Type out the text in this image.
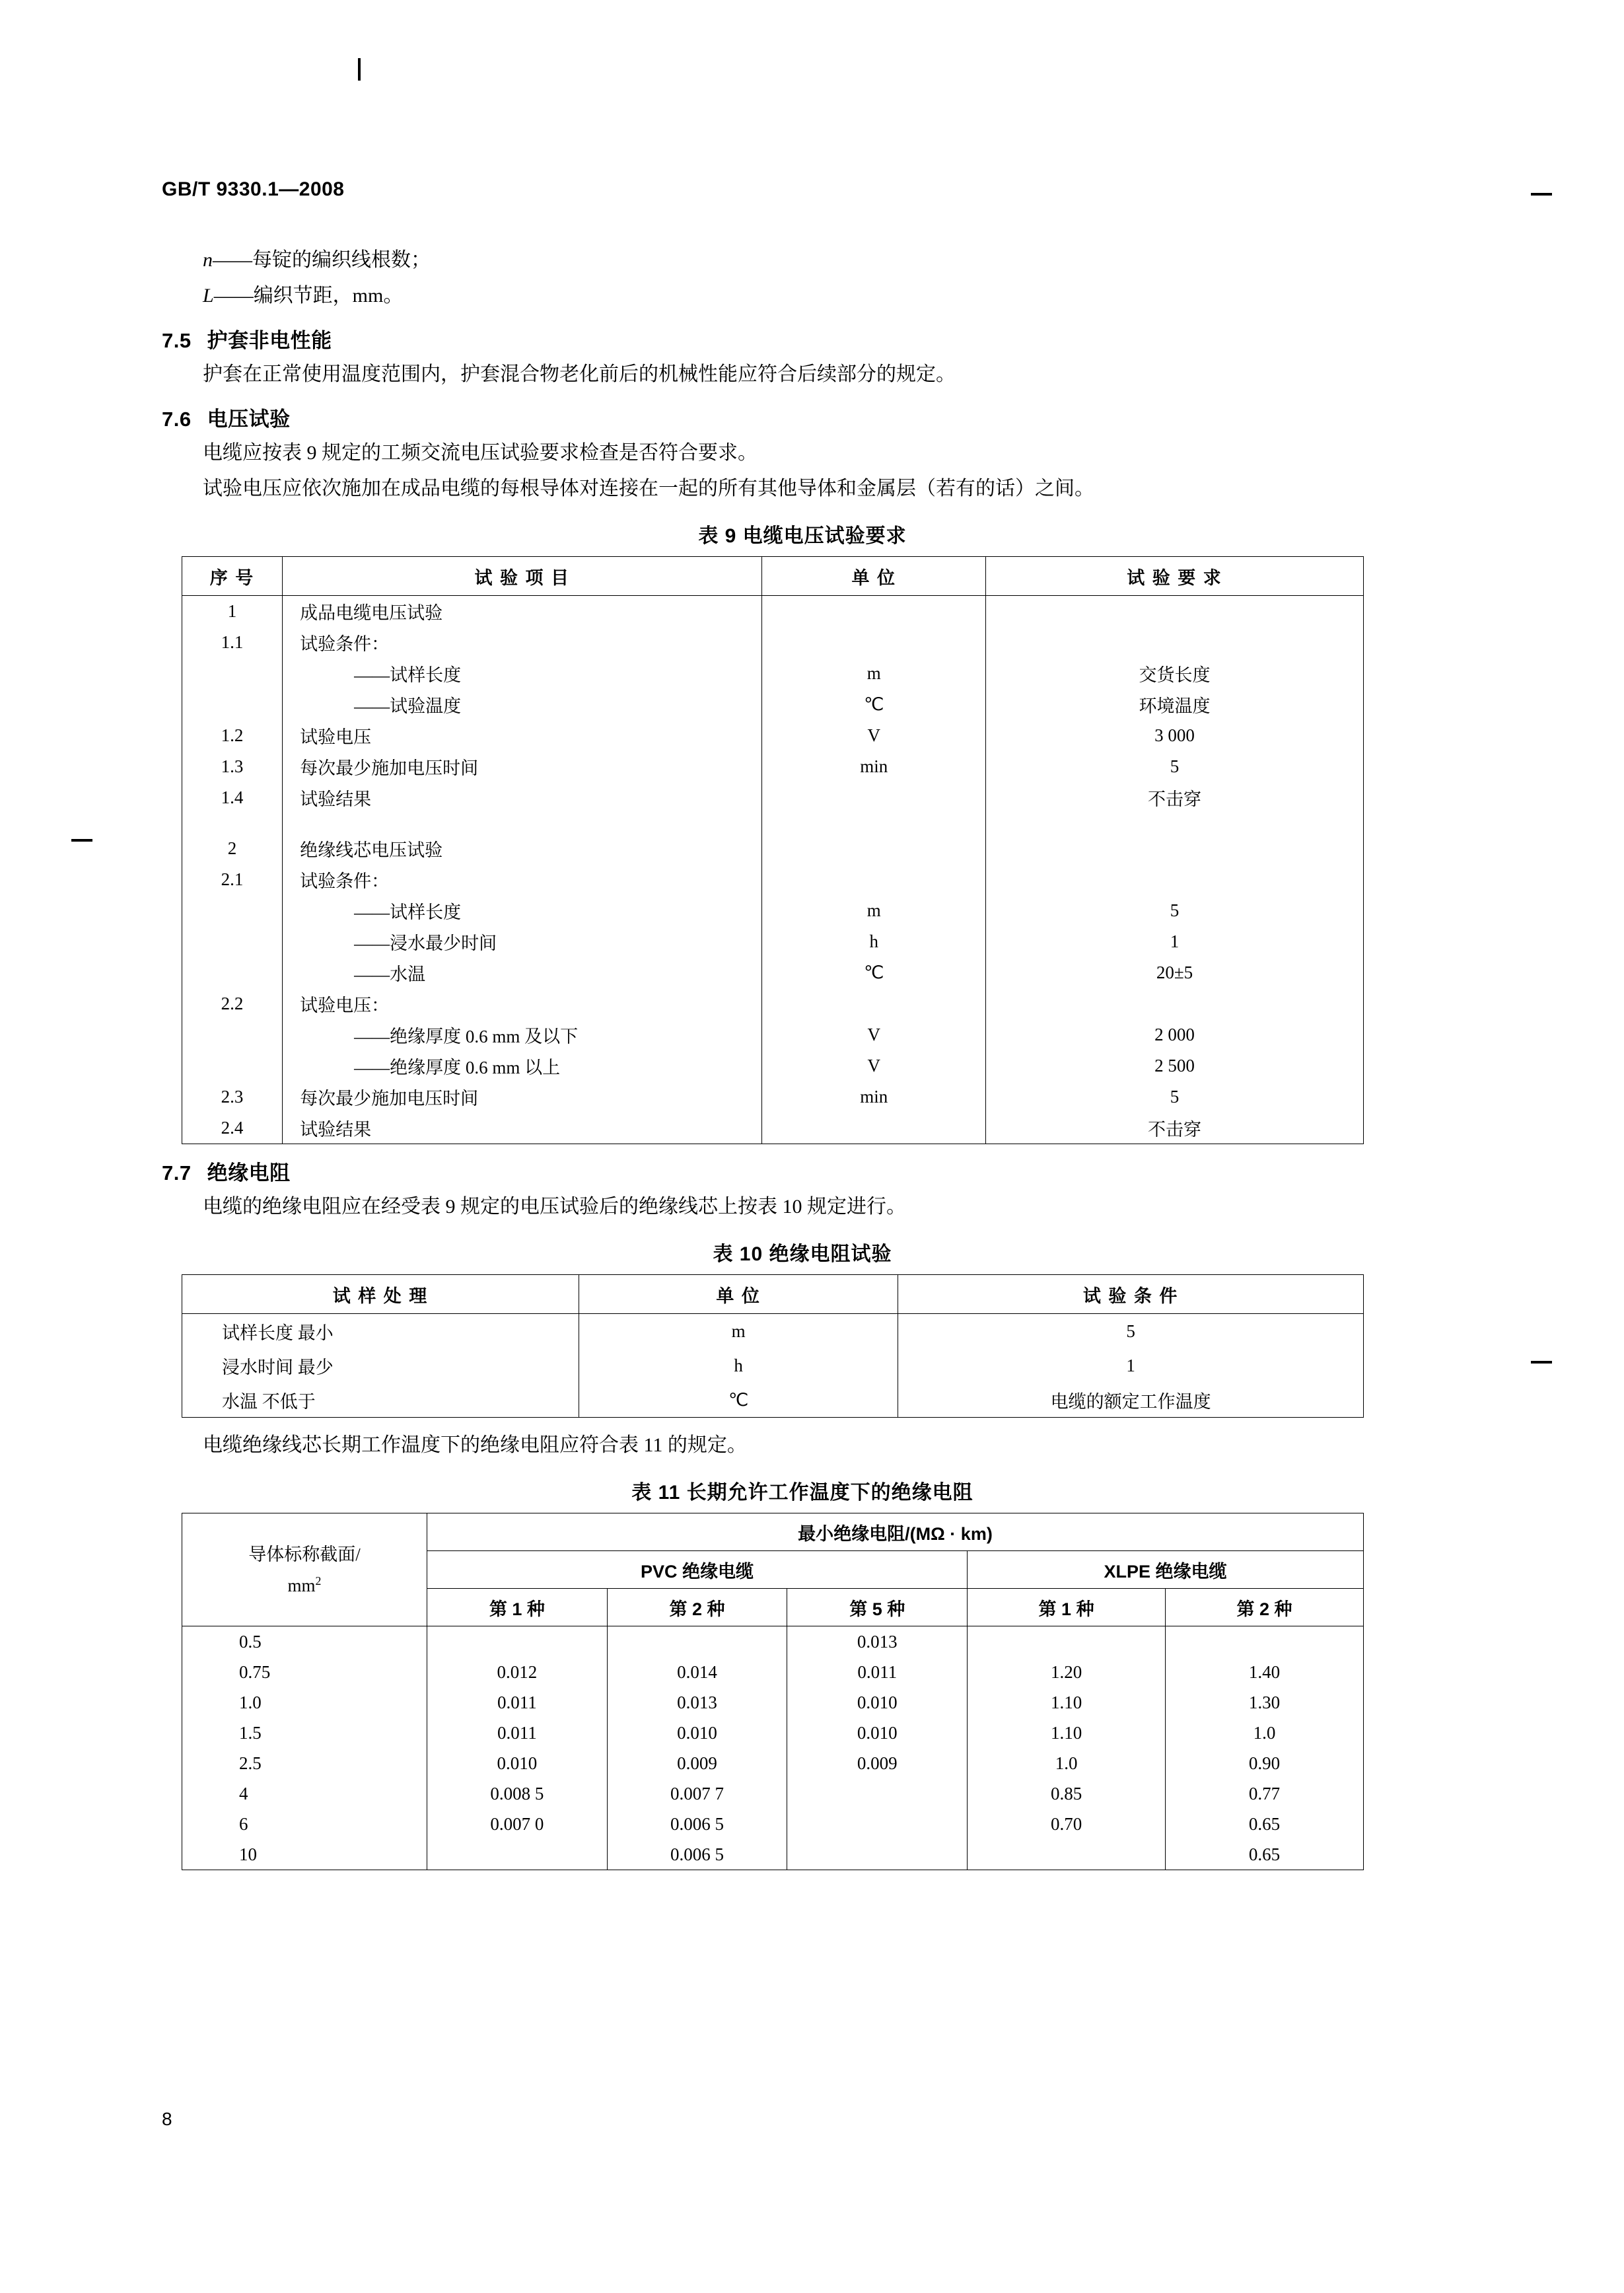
GB/T 9330.1—2008
n——每锭的编织线根数；
L——编织节距，mm。
7.5 护套非电性能
护套在正常使用温度范围内，护套混合物老化前后的机械性能应符合后续部分的规定。
7.6 电压试验
电缆应按表 9 规定的工频交流电压试验要求检查是否符合要求。
试验电压应依次施加在成品电缆的每根导体对连接在一起的所有其他导体和金属层（若有的话）之间。
表 9 电缆电压试验要求
序 号	试 验 项 目	单 位	试 验 要 求
1	成品电缆电压试验		
1.1	试验条件：		
	——试样长度	m	交货长度
	——试验温度	℃	环境温度
1.2	试验电压	V	3 000
1.3	每次最少施加电压时间	min	5
1.4	试验结果		不击穿

2	绝缘线芯电压试验		
2.1	试验条件：		
	——试样长度	m	5
	——浸水最少时间	h	1
	——水温	℃	20±5
2.2	试验电压：		
	——绝缘厚度 0.6 mm 及以下	V	2 000
	——绝缘厚度 0.6 mm 以上	V	2 500
2.3	每次最少施加电压时间	min	5
2.4	试验结果		不击穿
7.7 绝缘电阻
电缆的绝缘电阻应在经受表 9 规定的电压试验后的绝缘线芯上按表 10 规定进行。
表 10 绝缘电阻试验
试 样 处 理	单 位	试 验 条 件
试样长度 最小	m	5
浸水时间 最少	h	1
水温 不低于	℃	电缆的额定工作温度
电缆绝缘线芯长期工作温度下的绝缘电阻应符合表 11 的规定。
表 11 长期允许工作温度下的绝缘电阻
导体标称截面/
$mm^2$	最小绝缘电阻/(MΩ · km)				
	PVC 绝缘电缆			XLPE 绝缘电缆	
	第 1 种	第 2 种	第 5 种	第 1 种	第 2 种
0.5			0.013		
0.75	0.012	0.014	0.011	1.20	1.40
1.0	0.011	0.013	0.010	1.10	1.30
1.5	0.011	0.010	0.010	1.10	1.0
2.5	0.010	0.009	0.009	1.0	0.90
4	0.008 5	0.007 7		0.85	0.77
6	0.007 0	0.006 5		0.70	0.65
10		0.006 5			0.65
8
